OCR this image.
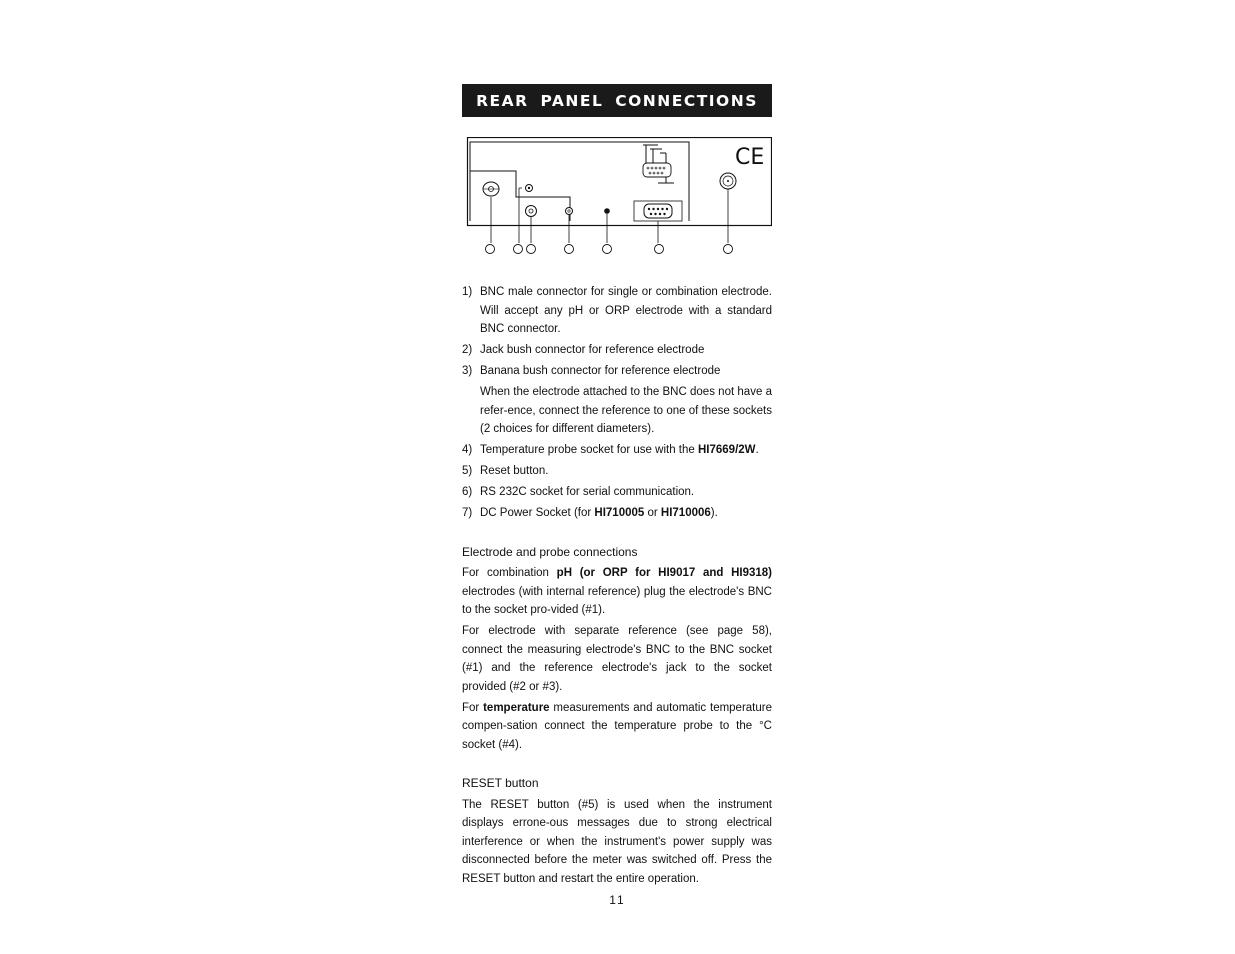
REAR PANEL CONNECTIONS
CE
1) BNC male connector for single or combination electrode. Will accept any pH or ORP electrode with a standard BNC connector.
2) Jack bush connector for reference electrode
3) Banana bush connector for reference electrode
When the electrode attached to the BNC does not have a refer-ence, connect the reference to one of these sockets (2 choices for different diameters).
4) Temperature probe socket for use with the HI7669/2W.
5) Reset button.
6) RS 232C socket for serial communication.
7) DC Power Socket (for HI710005 or HI710006).
Electrode and probe connections

For combination pH (or ORP for HI9017 and HI9318) electrodes (with internal reference) plug the electrode's BNC to the socket pro-vided (#1).

For electrode with separate reference (see page 58), connect the measuring electrode's BNC to the BNC socket (#1) and the reference electrode's jack to the socket provided (#2 or #3).

For temperature measurements and automatic temperature compen-sation connect the temperature probe to the °C socket (#4).

RESET button

The RESET button (#5) is used when the instrument displays errone-ous messages due to strong electrical interference or when the instrument's power supply was disconnected before the meter was switched off. Press the RESET button and restart the entire operation.

11
